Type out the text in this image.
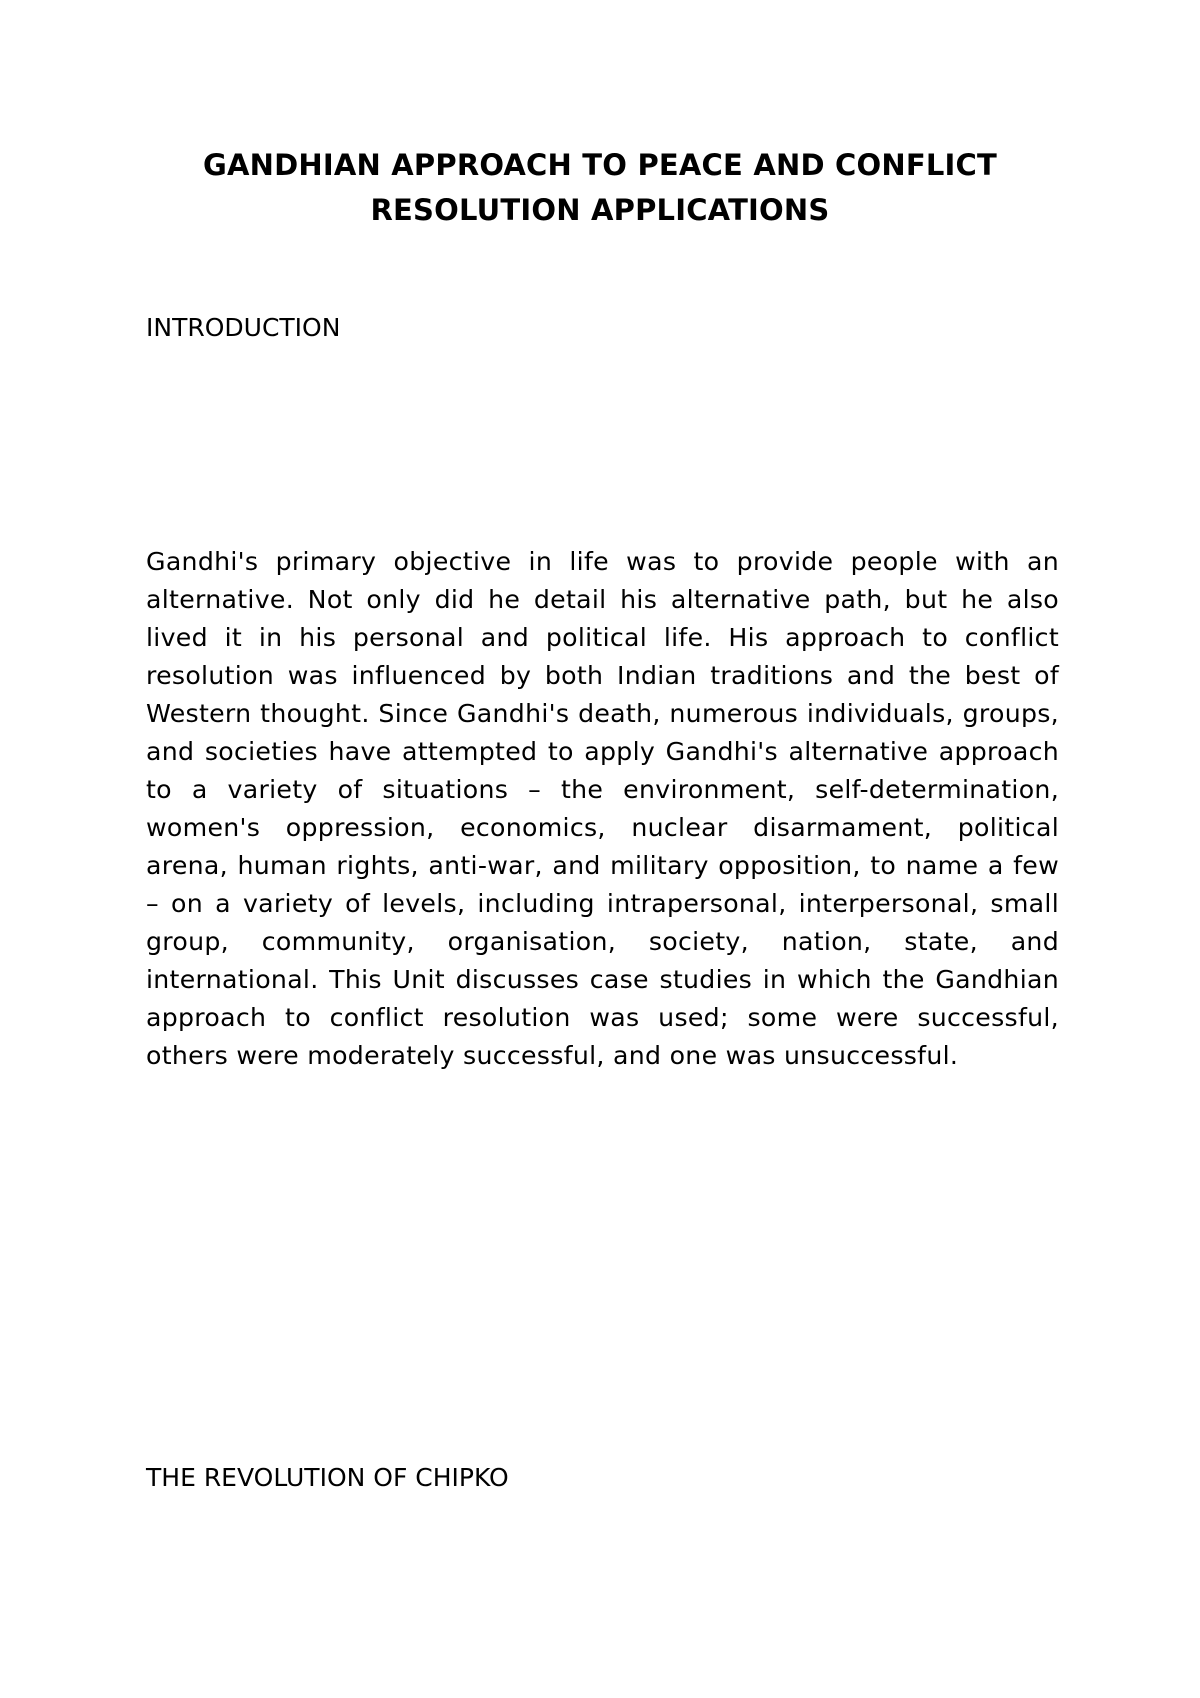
GANDHIAN APPROACH TO PEACE AND CONFLICT
RESOLUTION APPLICATIONS
INTRODUCTION

Gandhi's primary objective in life was to provide people with an alternative. Not only did he detail his alternative path, but he also lived it in his personal and political life. His approach to conflict resolution was influenced by both Indian traditions and the best of Western thought. Since Gandhi's death, numerous individuals, groups, and societies have attempted to apply Gandhi's alternative approach to a variety of situations – the environment, self-determination, women's oppression, economics, nuclear disarmament, political arena, human rights, anti-war, and military opposition, to name a few – on a variety of levels, including intrapersonal, interpersonal, small group, community, organisation, society, nation, state, and international. This Unit discusses case studies in which the Gandhian approach to conflict resolution was used; some were successful, others were moderately successful, and one was unsuccessful.

THE REVOLUTION OF CHIPKO
